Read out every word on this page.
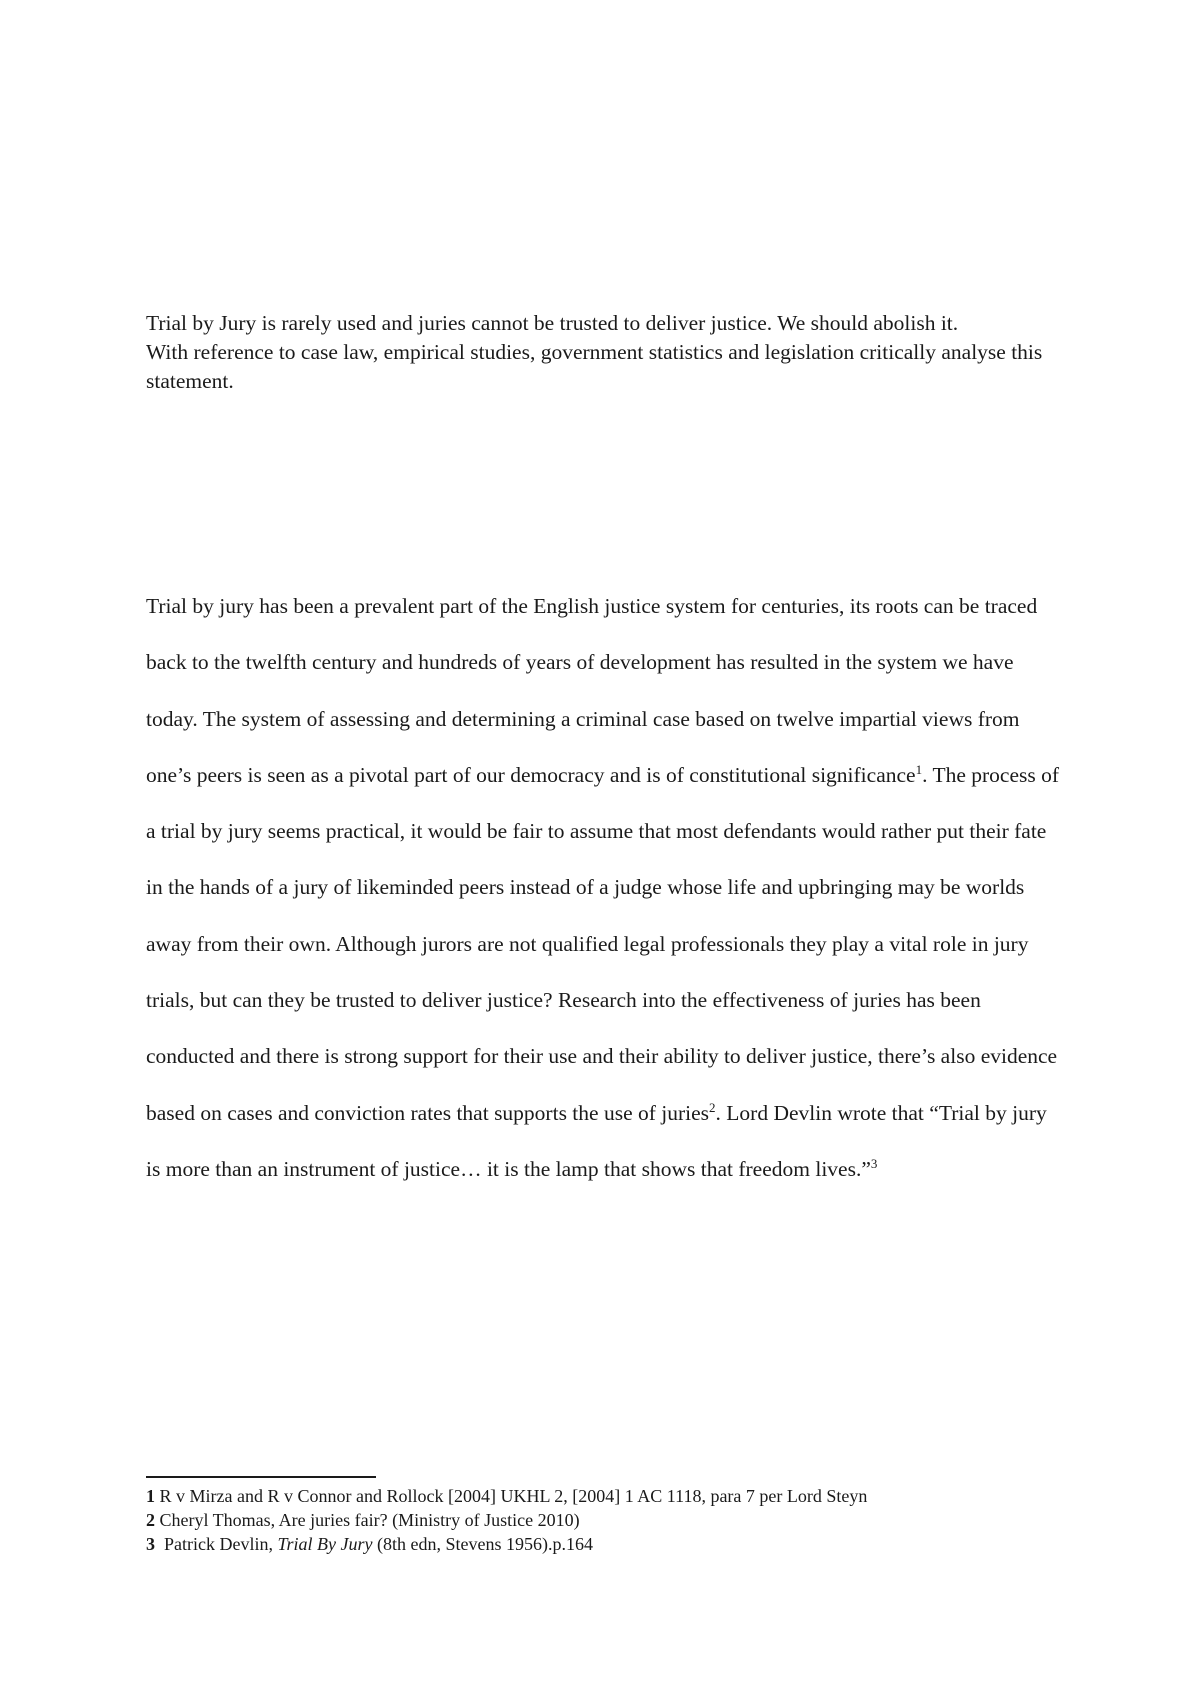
Trial by Jury is rarely used and juries cannot be trusted to deliver justice. We should abolish it.

With reference to case law, empirical studies, government statistics and legislation critically analyse this statement.

Trial by jury has been a prevalent part of the English justice system for centuries, its roots can be traced back to the twelfth century and hundreds of years of development has resulted in the system we have today. The system of assessing and determining a criminal case based on twelve impartial views from one’s peers is seen as a pivotal part of our democracy and is of constitutional significance$^1$. The process of a trial by jury seems practical, it would be fair to assume that most defendants would rather put their fate in the hands of a jury of likeminded peers instead of a judge whose life and upbringing may be worlds away from their own. Although jurors are not qualified legal professionals they play a vital role in jury trials, but can they be trusted to deliver justice? Research into the effectiveness of juries has been conducted and there is strong support for their use and their ability to deliver justice, there’s also evidence based on cases and conviction rates that supports the use of juries$^2$. Lord Devlin wrote that “Trial by jury is more than an instrument of justice… it is the lamp that shows that freedom lives.”$^3$

1 R v Mirza and R v Connor and Rollock [2004] UKHL 2, [2004] 1 AC 1118, para 7 per Lord Steyn

2 Cheryl Thomas, Are juries fair? (Ministry of Justice 2010)

3  Patrick Devlin, Trial By Jury (8th edn, Stevens 1956).p.164
